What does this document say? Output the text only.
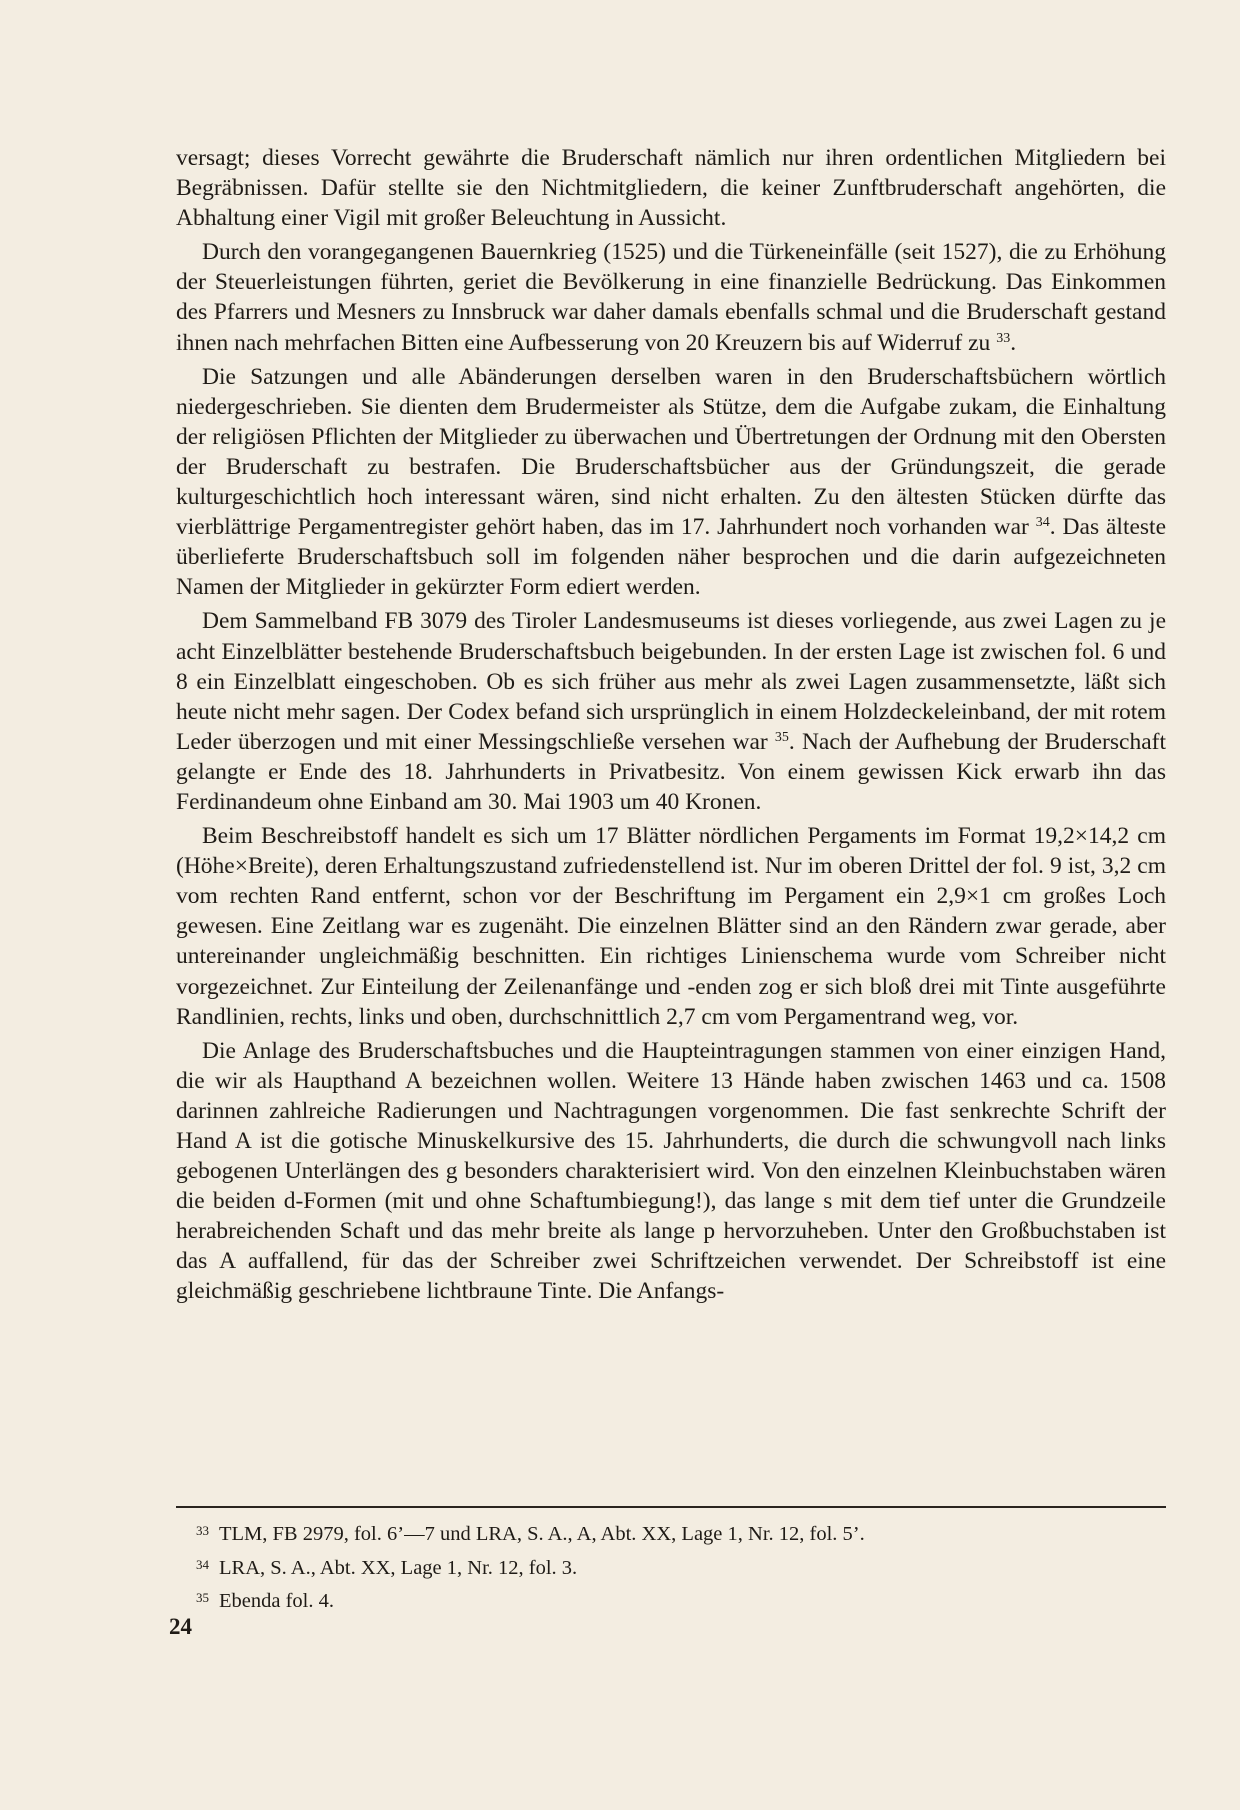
versagt; dieses Vorrecht gewährte die Bruderschaft nämlich nur ihren ordentlichen Mitgliedern bei Begräbnissen. Dafür stellte sie den Nichtmitgliedern, die keiner Zunftbruderschaft angehörten, die Abhaltung einer Vigil mit großer Beleuchtung in Aussicht.

Durch den vorangegangenen Bauernkrieg (1525) und die Türkeneinfälle (seit 1527), die zu Erhöhung der Steuerleistungen führten, geriet die Bevölkerung in eine finanzielle Bedrückung. Das Einkommen des Pfarrers und Mesners zu Innsbruck war daher damals ebenfalls schmal und die Bruderschaft gestand ihnen nach mehrfachen Bitten eine Aufbesserung von 20 Kreuzern bis auf Widerruf zu $^{33}$.

Die Satzungen und alle Abänderungen derselben waren in den Bruderschaftsbüchern wörtlich niedergeschrieben. Sie dienten dem Brudermeister als Stütze, dem die Aufgabe zukam, die Einhaltung der religiösen Pflichten der Mitglieder zu überwachen und Übertretungen der Ordnung mit den Obersten der Bruderschaft zu bestrafen. Die Bruderschaftsbücher aus der Gründungszeit, die gerade kulturgeschichtlich hoch interessant wären, sind nicht erhalten. Zu den ältesten Stücken dürfte das vierblättrige Pergamentregister gehört haben, das im 17. Jahrhundert noch vorhanden war $^{34}$. Das älteste überlieferte Bruderschaftsbuch soll im folgenden näher besprochen und die darin aufgezeichneten Namen der Mitglieder in gekürzter Form ediert werden.

Dem Sammelband FB 3079 des Tiroler Landesmuseums ist dieses vorliegende, aus zwei Lagen zu je acht Einzelblätter bestehende Bruderschaftsbuch beigebunden. In der ersten Lage ist zwischen fol. 6 und 8 ein Einzelblatt eingeschoben. Ob es sich früher aus mehr als zwei Lagen zusammensetzte, läßt sich heute nicht mehr sagen. Der Codex befand sich ursprünglich in einem Holzdeckeleinband, der mit rotem Leder überzogen und mit einer Messingschließe versehen war $^{35}$. Nach der Aufhebung der Bruderschaft gelangte er Ende des 18. Jahrhunderts in Privatbesitz. Von einem gewissen Kick erwarb ihn das Ferdinandeum ohne Einband am 30. Mai 1903 um 40 Kronen.

Beim Beschreibstoff handelt es sich um 17 Blätter nördlichen Pergaments im Format 19,2×14,2 cm (Höhe×Breite), deren Erhaltungszustand zufriedenstellend ist. Nur im oberen Drittel der fol. 9 ist, 3,2 cm vom rechten Rand entfernt, schon vor der Beschriftung im Pergament ein 2,9×1 cm großes Loch gewesen. Eine Zeitlang war es zugenäht. Die einzelnen Blätter sind an den Rändern zwar gerade, aber untereinander ungleichmäßig beschnitten. Ein richtiges Linienschema wurde vom Schreiber nicht vorgezeichnet. Zur Einteilung der Zeilenanfänge und -enden zog er sich bloß drei mit Tinte ausgeführte Randlinien, rechts, links und oben, durchschnittlich 2,7 cm vom Pergamentrand weg, vor.

Die Anlage des Bruderschaftsbuches und die Haupteintragungen stammen von einer einzigen Hand, die wir als Haupthand A bezeichnen wollen. Weitere 13 Hände haben zwischen 1463 und ca. 1508 darinnen zahlreiche Radierungen und Nachtragungen vorgenommen. Die fast senkrechte Schrift der Hand A ist die gotische Minuskelkursive des 15. Jahrhunderts, die durch die schwungvoll nach links gebogenen Unterlängen des g besonders charakterisiert wird. Von den einzelnen Kleinbuchstaben wären die beiden d-Formen (mit und ohne Schaftumbiegung!), das lange s mit dem tief unter die Grundzeile herabreichenden Schaft und das mehr breite als lange p hervorzuheben. Unter den Großbuchstaben ist das A auffallend, für das der Schreiber zwei Schriftzeichen verwendet. Der Schreibstoff ist eine gleichmäßig geschriebene lichtbraune Tinte. Die Anfangs-

$^{33}$ TLM, FB 2979, fol. 6’—7 und LRA, S. A., A, Abt. XX, Lage 1, Nr. 12, fol. 5’.

$^{34}$ LRA, S. A., Abt. XX, Lage 1, Nr. 12, fol. 3.

$^{35}$ Ebenda fol. 4.

24
